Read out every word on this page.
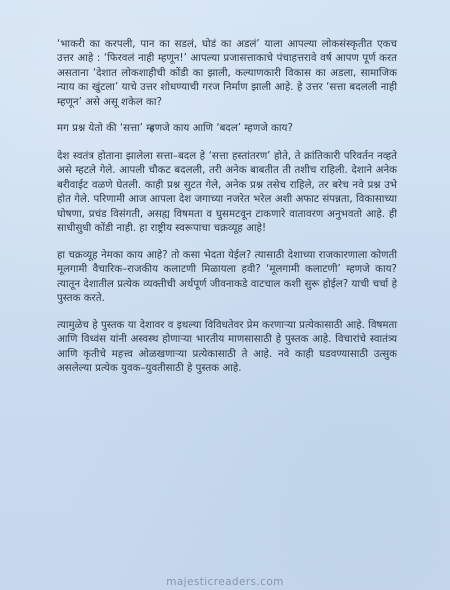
‘भाकरी का करपली, पान का सडलं, घोडं का अडलं’ याला आपल्या लोकसंस्कृतीत एकच उत्तर आहे : ‘फिरवलं नाही म्हणून!’ आपल्या प्रजासत्ताकाचे पंचाहत्तरावे वर्ष आपण पूर्ण करत असताना ‘देशात लोकशाहीची कोंडी का झाली, कल्याणकारी विकास का अडला, सामाजिक न्याय का खुंटला’ याचे उत्तर शोधण्याची गरज निर्माण झाली आहे. हे उत्तर ‘सत्ता बदलली नाही म्हणून’ असे असू शकेल का?

मग प्रश्न येतो की ‘सत्ता’ म्हणजे काय आणि ‘बदल’ म्हणजे काय?

देश स्वतंत्र होताना झालेला सत्ता–बदल हे ‘सत्ता हस्तांतरण’ होते, ते क्रांतिकारी परिवर्तन नव्हते असे म्हटले गेले. आपली चौकट बदलली, तरी अनेक बाबतीत ती तशीच राहिली. देशाने अनेक बरीवाईट वळणे घेतली. काही प्रश्न सुटत गेले, अनेक प्रश्न तसेच राहिले, तर बरेच नवे प्रश्न उभे होत गेले. परिणामी आज आपला देश जगाच्या नजरेत भरेल अशी अफाट संपन्नता, विकासाच्या घोषणा, प्रचंड विसंगती, असह्य विषमता व घुसमटवून टाकणारे वातावरण अनुभवतो आहे. ही साधीसुधी कोंडी नाही. हा राष्ट्रीय स्वरूपाचा चक्रव्यूह आहे!

हा चक्रव्यूह नेमका काय आहे? तो कसा भेदता येईल? त्यासाठी देशाच्या राजकारणाला कोणती मूलगामी वैचारिक–राजकीय कलाटणी मिळायला हवी? ‘मूलगामी कलाटणी’ म्हणजे काय? त्यातून देशातील प्रत्येक व्यक्तीची अर्थपूर्ण जीवनाकडे वाटचाल कशी सुरू होईल? याची चर्चा हे पुस्तक करते.

त्यामुळेच हे पुस्तक या देशावर व इथल्या विविधतेवर प्रेम करणाऱ्या प्रत्येकासाठी आहे. विषमता आणि विध्वंस यांनी अस्वस्थ होणाऱ्या भारतीय माणसासाठी हे पुस्तक आहे. विचारांचे स्वातंत्र्य आणि कृतीचे महत्त्व ओळखणाऱ्या प्रत्येकासाठी ते आहे. नवे काही घडवण्यासाठी उत्सुक असलेल्या प्रत्येक युवक–युवतीसाठी हे पुस्तक आहे.

majesticreaders.com
